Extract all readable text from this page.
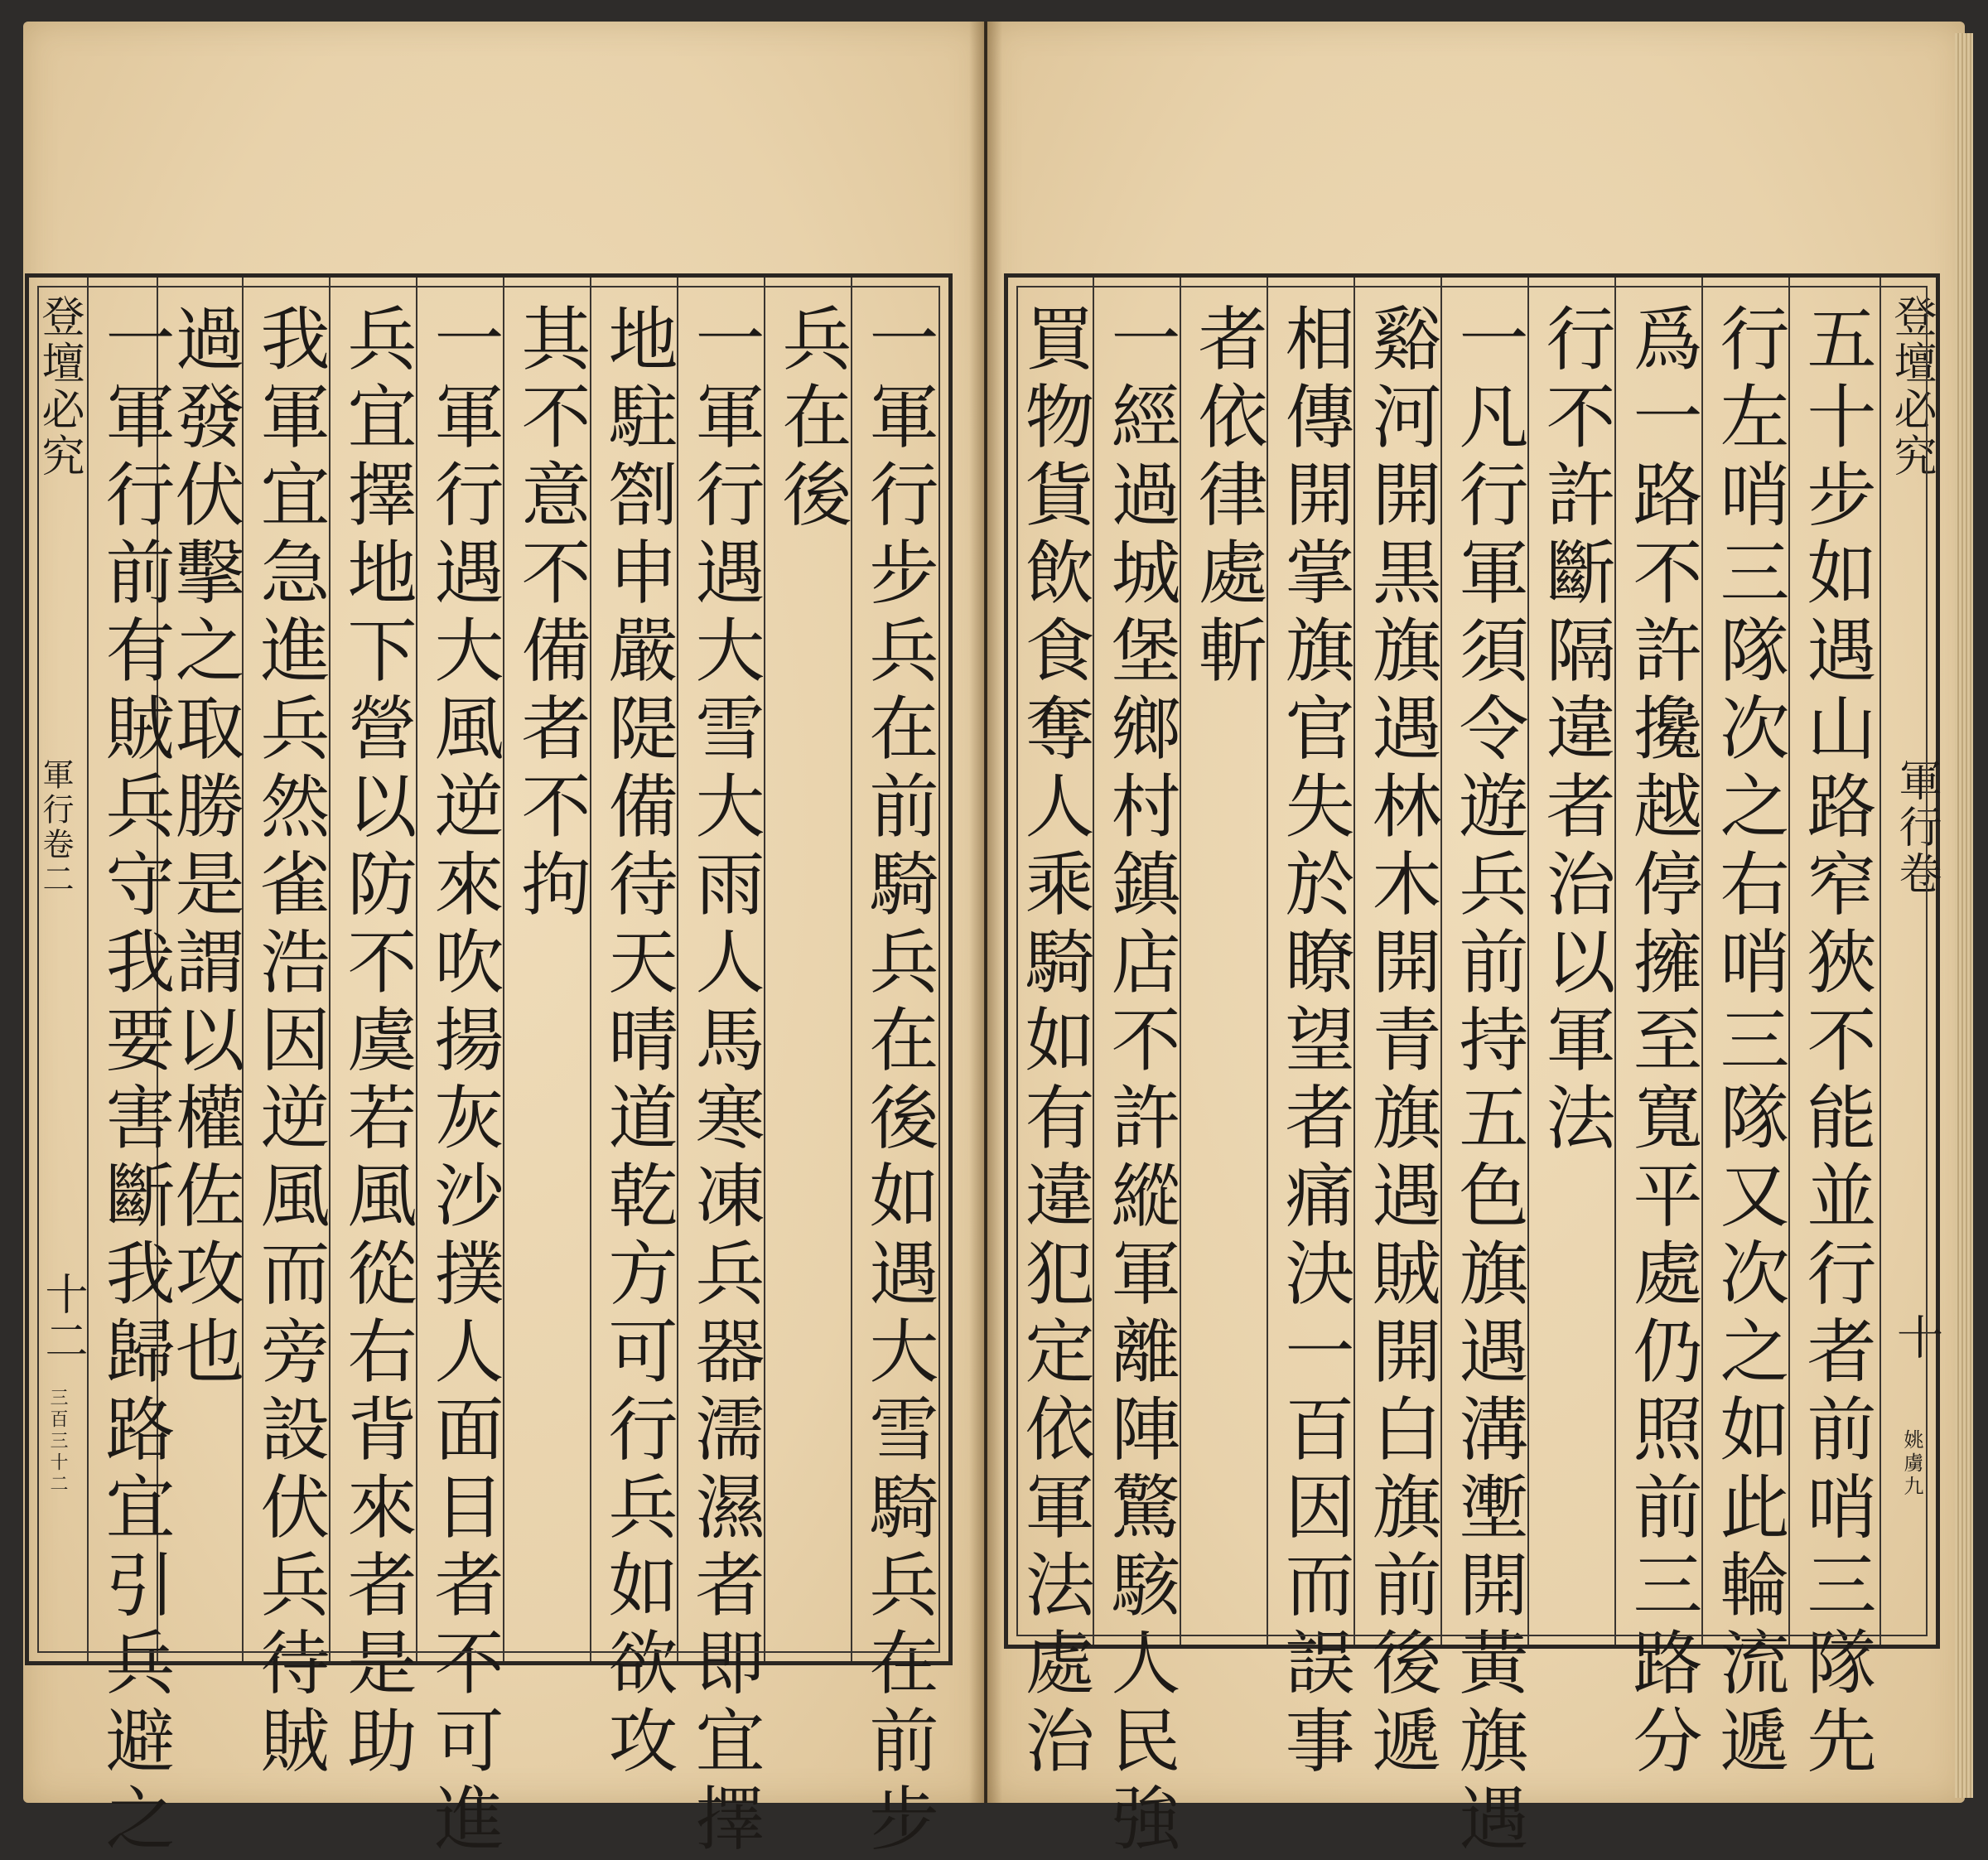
登壇必究
軍行卷二
十二
三百三十二	一軍行步兵在前騎兵在後如遇大雪騎兵在前步
兵在後
一軍行遇大雪大雨人馬寒凍兵器濡濕者即宜擇
地駐劄申嚴隄備待天晴道乾方可行兵如欲攻
其不意不備者不拘
一軍行遇大風逆來吹揚灰沙撲人面目者不可進
兵宜擇地下營以防不虞若風從右背來者是助
我軍宜急進兵然雀浩因逆風而旁設伏兵待賊
過發伏擊之取勝是謂以權佐攻也
一軍行前有賊兵守我要害斷我歸路宜引兵避之	登壇必究
軍行卷
十
姚虜九
五十步如遇山路窄狹不能並行者前哨三隊先
行左哨三隊次之右哨三隊又次之如此輪流遞
爲一路不許攙越停擁至寬平處仍照前三路分
行不許斷隔違者治以軍法
一凡行軍須令遊兵前持五色旗遇溝壍開黃旗遇
谿河開黒旗遇林木開青旗遇賊開白旗前後遞
相傳開掌旗官失於瞭望者痛決一百因而誤事
者依律處斬
一經過城堡鄉村鎮店不許縱軍離陣驚駭人民強
買物貨飲食奪人乘騎如有違犯定依軍法處治
